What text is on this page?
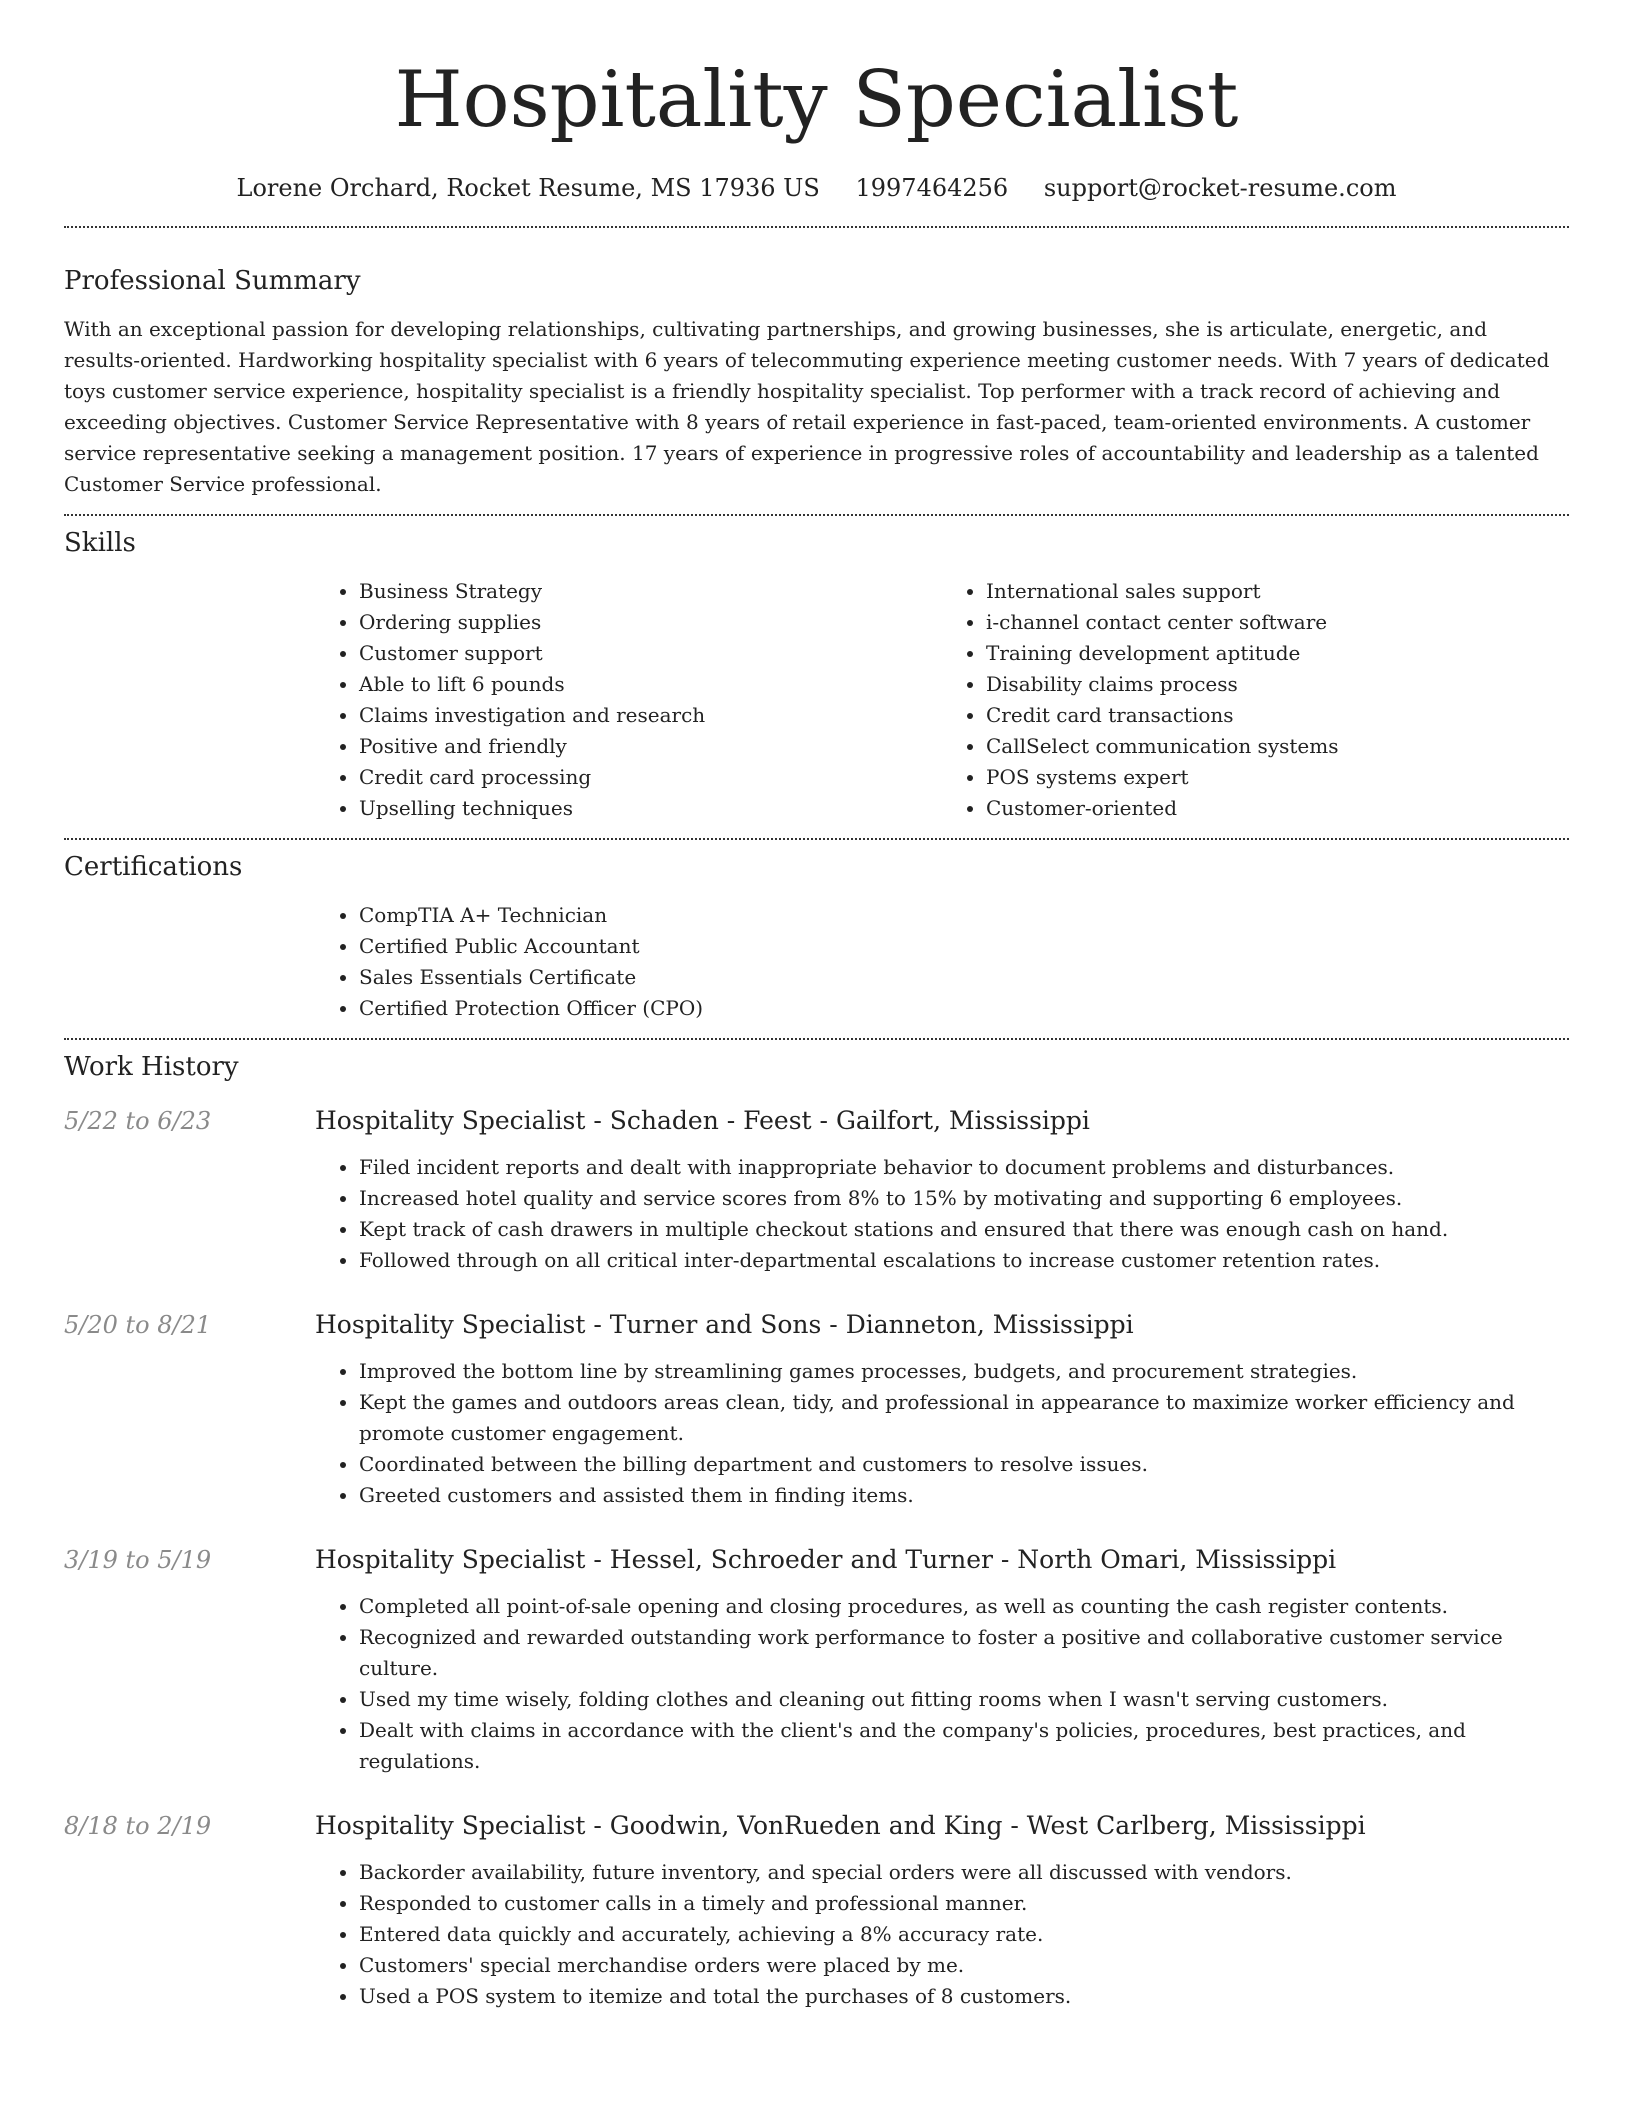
Hospitality Specialist
Lorene Orchard, Rocket Resume, MS 17936 US 1997464256 support@rocket-resume.com
Professional Summary

With an exceptional passion for developing relationships, cultivating partnerships, and growing businesses, she is articulate, energetic, and results-oriented. Hardworking hospitality specialist with 6 years of telecommuting experience meeting customer needs. With 7 years of dedicated toys customer service experience, hospitality specialist is a friendly hospitality specialist. Top performer with a track record of achieving and exceeding objectives. Customer Service Representative with 8 years of retail experience in fast-paced, team-oriented environments. A customer service representative seeking a management position. 17 years of experience in progressive roles of accountability and leadership as a talented Customer Service professional.

Skills
• Business Strategy
• Ordering supplies
• Customer support
• Able to lift 6 pounds
• Claims investigation and research
• Positive and friendly
• Credit card processing
• Upselling techniques
• International sales support
• i-channel contact center software
• Training development aptitude
• Disability claims process
• Credit card transactions
• CallSelect communication systems
• POS systems expert
• Customer-oriented
Certifications
• CompTIA A+ Technician
• Certified Public Accountant
• Sales Essentials Certificate
• Certified Protection Officer (CPO)
Work History
5/22 to 6/23	Hospitality Specialist - Schaden - Feest - Gailfort, Mississippi
• Filed incident reports and dealt with inappropriate behavior to document problems and disturbances.
• Increased hotel quality and service scores from 8% to 15% by motivating and supporting 6 employees.
• Kept track of cash drawers in multiple checkout stations and ensured that there was enough cash on hand.
• Followed through on all critical inter-departmental escalations to increase customer retention rates.
5/20 to 8/21	Hospitality Specialist - Turner and Sons - Dianneton, Mississippi
• Improved the bottom line by streamlining games processes, budgets, and procurement strategies.
• Kept the games and outdoors areas clean, tidy, and professional in appearance to maximize worker efficiency and promote customer engagement.
• Coordinated between the billing department and customers to resolve issues.
• Greeted customers and assisted them in finding items.
3/19 to 5/19	Hospitality Specialist - Hessel, Schroeder and Turner - North Omari, Mississippi
• Completed all point-of-sale opening and closing procedures, as well as counting the cash register contents.
• Recognized and rewarded outstanding work performance to foster a positive and collaborative customer service culture.
• Used my time wisely, folding clothes and cleaning out fitting rooms when I wasn't serving customers.
• Dealt with claims in accordance with the client's and the company's policies, procedures, best practices, and regulations.
8/18 to 2/19	Hospitality Specialist - Goodwin, VonRueden and King - West Carlberg, Mississippi
• Backorder availability, future inventory, and special orders were all discussed with vendors.
• Responded to customer calls in a timely and professional manner.
• Entered data quickly and accurately, achieving a 8% accuracy rate.
• Customers' special merchandise orders were placed by me.
• Used a POS system to itemize and total the purchases of 8 customers.
